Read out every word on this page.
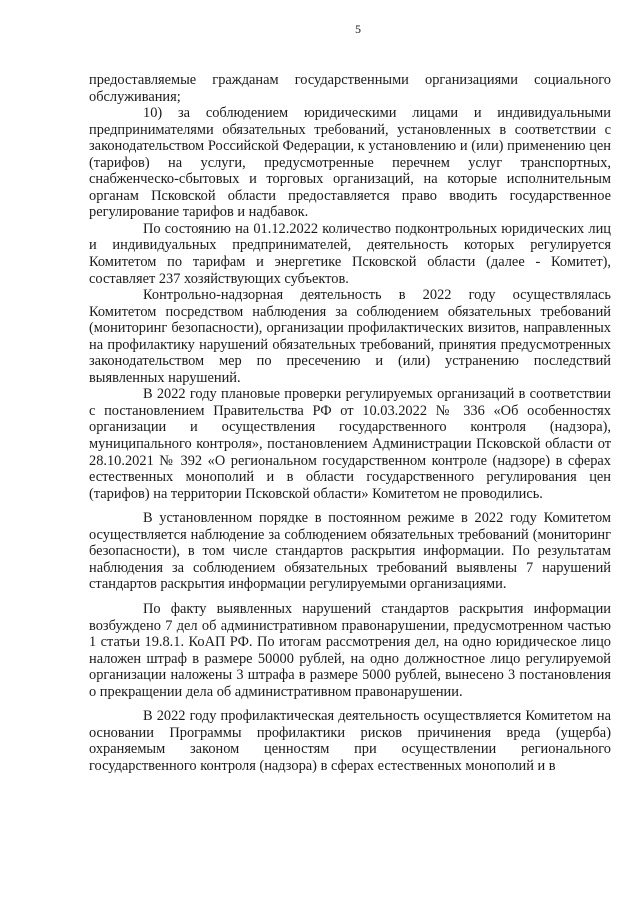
5

предоставляемые гражданам государственными организациями социального обслуживания;

10) за соблюдением юридическими лицами и индивидуальными предпринимателями обязательных требований, установленных в соответствии с законодательством Российской Федерации, к установлению и (или) применению цен (тарифов) на услуги, предусмотренные перечнем услуг транспортных, снабженческо-сбытовых и торговых организаций, на которые исполнительным органам Псковской области предоставляется право вводить государственное регулирование тарифов и надбавок.

По состоянию на 01.12.2022 количество подконтрольных юридических лиц и индивидуальных предпринимателей, деятельность которых регулируется Комитетом по тарифам и энергетике Псковской области (далее - Комитет), составляет 237 хозяйствующих субъектов.

Контрольно-надзорная деятельность в 2022 году осуществлялась Комитетом посредством наблюдения за соблюдением обязательных требований (мониторинг безопасности), организации профилактических визитов, направленных на профилактику нарушений обязательных требований, принятия предусмотренных законодательством мер по пресечению и (или) устранению последствий выявленных нарушений.

В 2022 году плановые проверки регулируемых организаций в соответствии с постановлением Правительства РФ от 10.03.2022 № 336 «Об особенностях организации и осуществления государственного контроля (надзора), муниципального контроля», постановлением Администрации Псковской области от 28.10.2021 № 392 «О региональном государственном контроле (надзоре) в сферах естественных монополий и в области государственного регулирования цен (тарифов) на территории Псковской области» Комитетом не проводились.

В установленном порядке в постоянном режиме в 2022 году Комитетом осуществляется наблюдение за соблюдением обязательных требований (мониторинг безопасности), в том числе стандартов раскрытия информации. По результатам наблюдения за соблюдением обязательных требований выявлены 7 нарушений стандартов раскрытия информации регулируемыми организациями.

По факту выявленных нарушений стандартов раскрытия информации возбуждено 7 дел об административном правонарушении, предусмотренном частью 1 статьи 19.8.1. КоАП РФ. По итогам рассмотрения дел, на одно юридическое лицо наложен штраф в размере 50000 рублей, на одно должностное лицо регулируемой организации наложены 3 штрафа в размере 5000 рублей, вынесено 3 постановления о прекращении дела об административном правонарушении.

В 2022 году профилактическая деятельность осуществляется Комитетом на основании Программы профилактики рисков причинения вреда (ущерба) охраняемым законом ценностям при осуществлении регионального государственного контроля (надзора) в сферах естественных монополий и в
